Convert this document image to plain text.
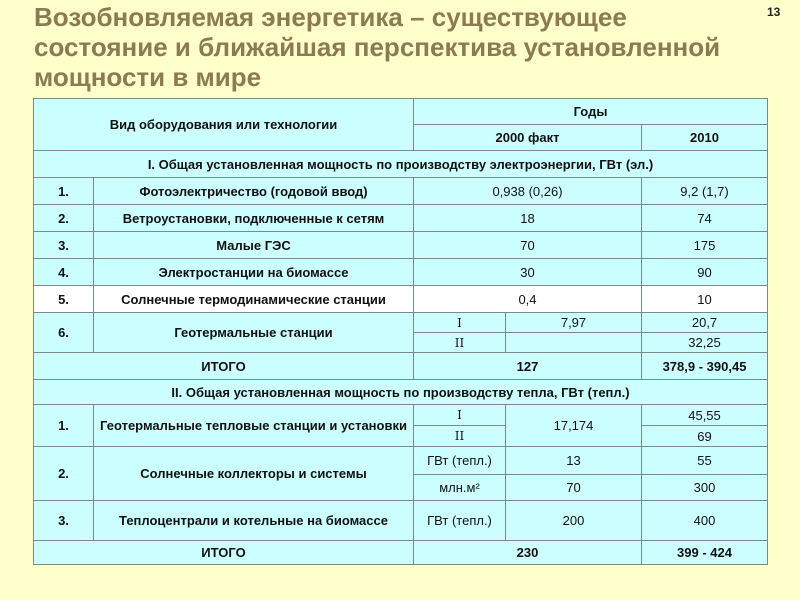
Возобновляемая энергетика – существующее состояние и ближайшая перспектива установленной мощности в мире
13
Вид оборудования или технологии		Годы		
		2000 факт		2010
I. Общая установленная мощность по производству электроэнергии, ГВт (эл.)				
1.	Фотоэлектричество (годовой ввод)	0,938 (0,26)		9,2 (1,7)
2.	Ветроустановки, подключенные к сетям	18		74
3.	Малые ГЭС	70		175
4.	Электростанции на биомассе	30		90
5.	Солнечные термодинамические станции	0,4		10
6.	Геотермальные станции	I	7,97	20,7
		II		32,25
ИТОГО		127		378,9 - 390,45
II. Общая установленная мощность по производству тепла, ГВт (тепл.)				
1.	Геотермальные тепловые станции и установки	I	17,174	45,55
		II		69
2.	Солнечные коллекторы и системы	ГВт (тепл.)	13	55
		млн.м²	70	300
3.	Теплоцентрали и котельные на биомассе	ГВт (тепл.)	200	400
ИТОГО		230		399 - 424
